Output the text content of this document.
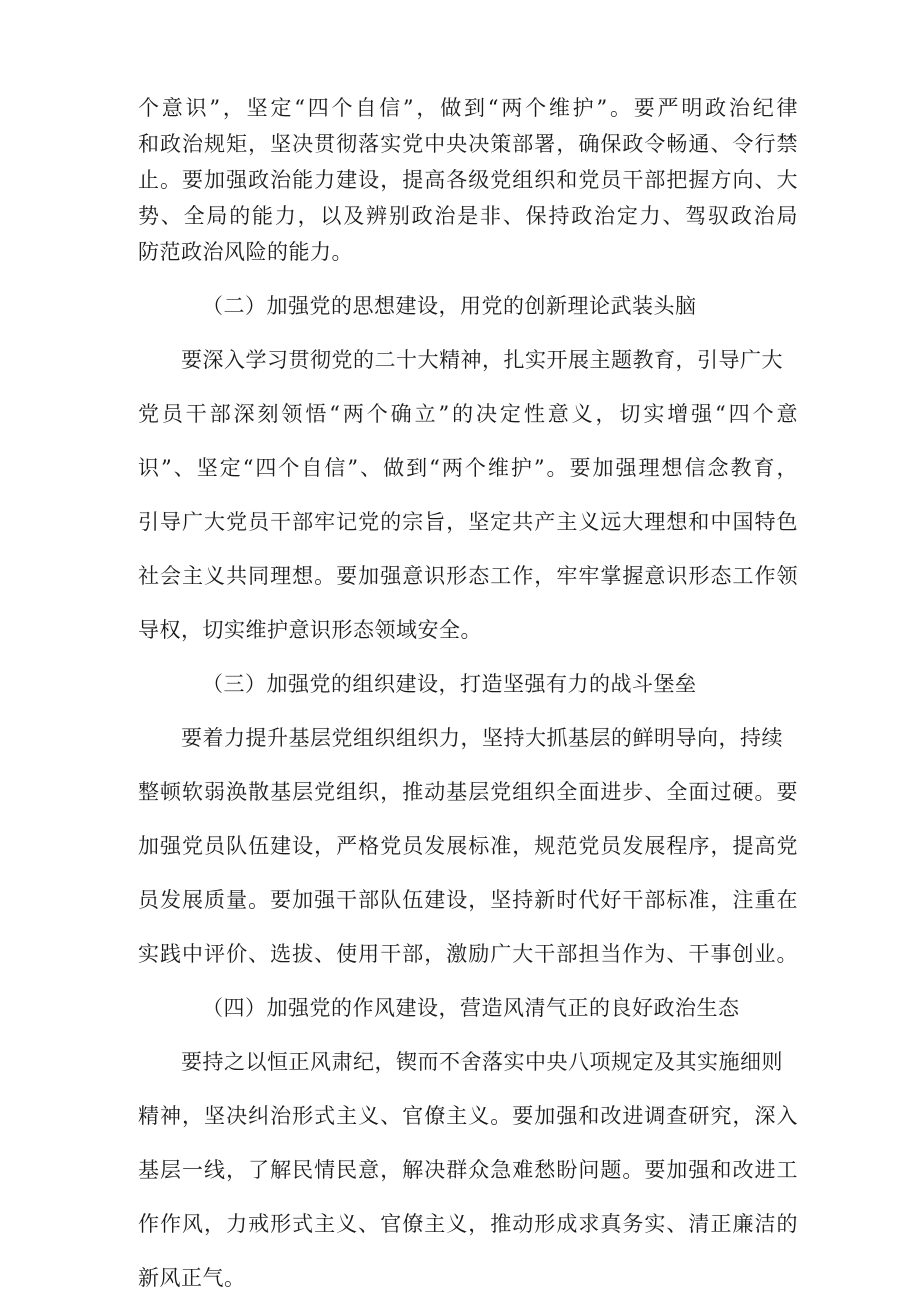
个意识”，坚定“四个自信”，做到“两个维护”。要严明政治纪律
和政治规矩，坚决贯彻落实党中央决策部署，确保政令畅通、令行禁
止。要加强政治能力建设，提高各级党组织和党员干部把握方向、大
势、全局的能力，以及辨别政治是非、保持政治定力、驾驭政治局
防范政治风险的能力。
（二）加强党的思想建设，用党的创新理论武装头脑
要深入学习贯彻党的二十大精神，扎实开展主题教育，引导广大
党员干部深刻领悟“两个确立”的决定性意义，切实增强“四个意
识”、坚定“四个自信”、做到“两个维护”。要加强理想信念教育，
引导广大党员干部牢记党的宗旨，坚定共产主义远大理想和中国特色
社会主义共同理想。要加强意识形态工作，牢牢掌握意识形态工作领
导权，切实维护意识形态领域安全。
（三）加强党的组织建设，打造坚强有力的战斗堡垒
要着力提升基层党组织组织力，坚持大抓基层的鲜明导向，持续
整顿软弱涣散基层党组织，推动基层党组织全面进步、全面过硬。要
加强党员队伍建设，严格党员发展标准，规范党员发展程序，提高党
员发展质量。要加强干部队伍建设，坚持新时代好干部标准，注重在
实践中评价、选拔、使用干部，激励广大干部担当作为、干事创业。
（四）加强党的作风建设，营造风清气正的良好政治生态
要持之以恒正风肃纪，锲而不舍落实中央八项规定及其实施细则
精神，坚决纠治形式主义、官僚主义。要加强和改进调查研究，深入
基层一线，了解民情民意，解决群众急难愁盼问题。要加强和改进工
作作风，力戒形式主义、官僚主义，推动形成求真务实、清正廉洁的
新风正气。
